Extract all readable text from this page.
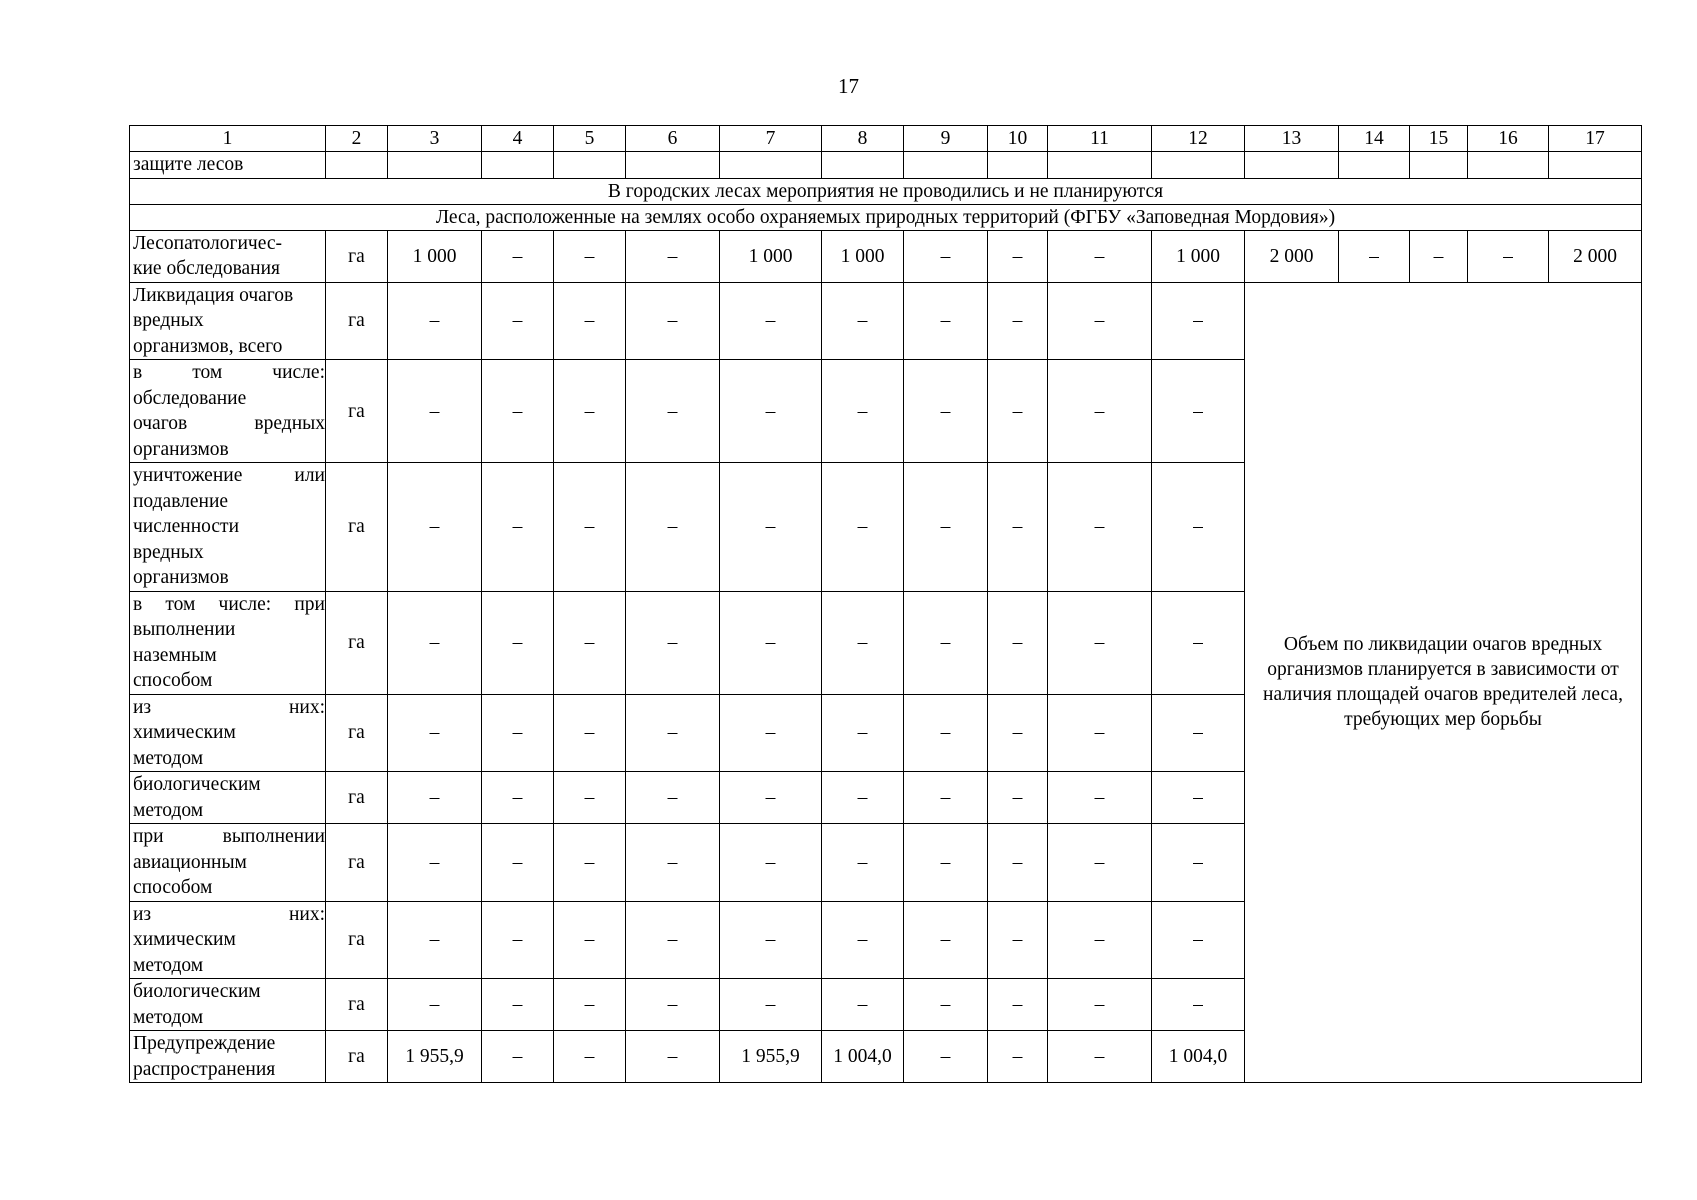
17
1	2	3	4	5	6	7	8	9	10	11	12	13	14	15	16	17	
защите лесов																	
В городских лесах мероприятия не проводились и не планируются																	
Леса, расположенные на землях особо охраняемых природных территорий (ФГБУ «Заповедная Мордовия»)																	

Лесопатологичес-
кие обследования	га	1 000	–	–	–	1 000	1 000	–	–	–	1 000	2 000	–	–	–	2 000	

Ликвидация очагов
вредных
организмов, всего	га	–	–	–	–	–	–	–	–	–	–	Объем по ликвидации очагов вредных организмов планируется в зависимости от наличия площадей очагов вредителей леса, требующих мер борьбы					

в том числе:
обследование
очагов вредных
организмов	га	–	–	–	–	–	–	–	–	–	–						

уничтожение или
подавление
численности
вредных
организмов	га	–	–	–	–	–	–	–	–	–	–						

в том числе: при
выполнении
наземным
способом	га	–	–	–	–	–	–	–	–	–	–						

из них:
химическим
методом	га	–	–	–	–	–	–	–	–	–	–						

биологическим
методом	га	–	–	–	–	–	–	–	–	–	–						

при выполнении
авиационным
способом	га	–	–	–	–	–	–	–	–	–	–						

из них:
химическим
методом	га	–	–	–	–	–	–	–	–	–	–						

биологическим
методом	га	–	–	–	–	–	–	–	–	–	–						

Предупреждение
распространения	га	1 955,9	–	–	–	1 955,9	1 004,0	–	–	–	1 004,0					
